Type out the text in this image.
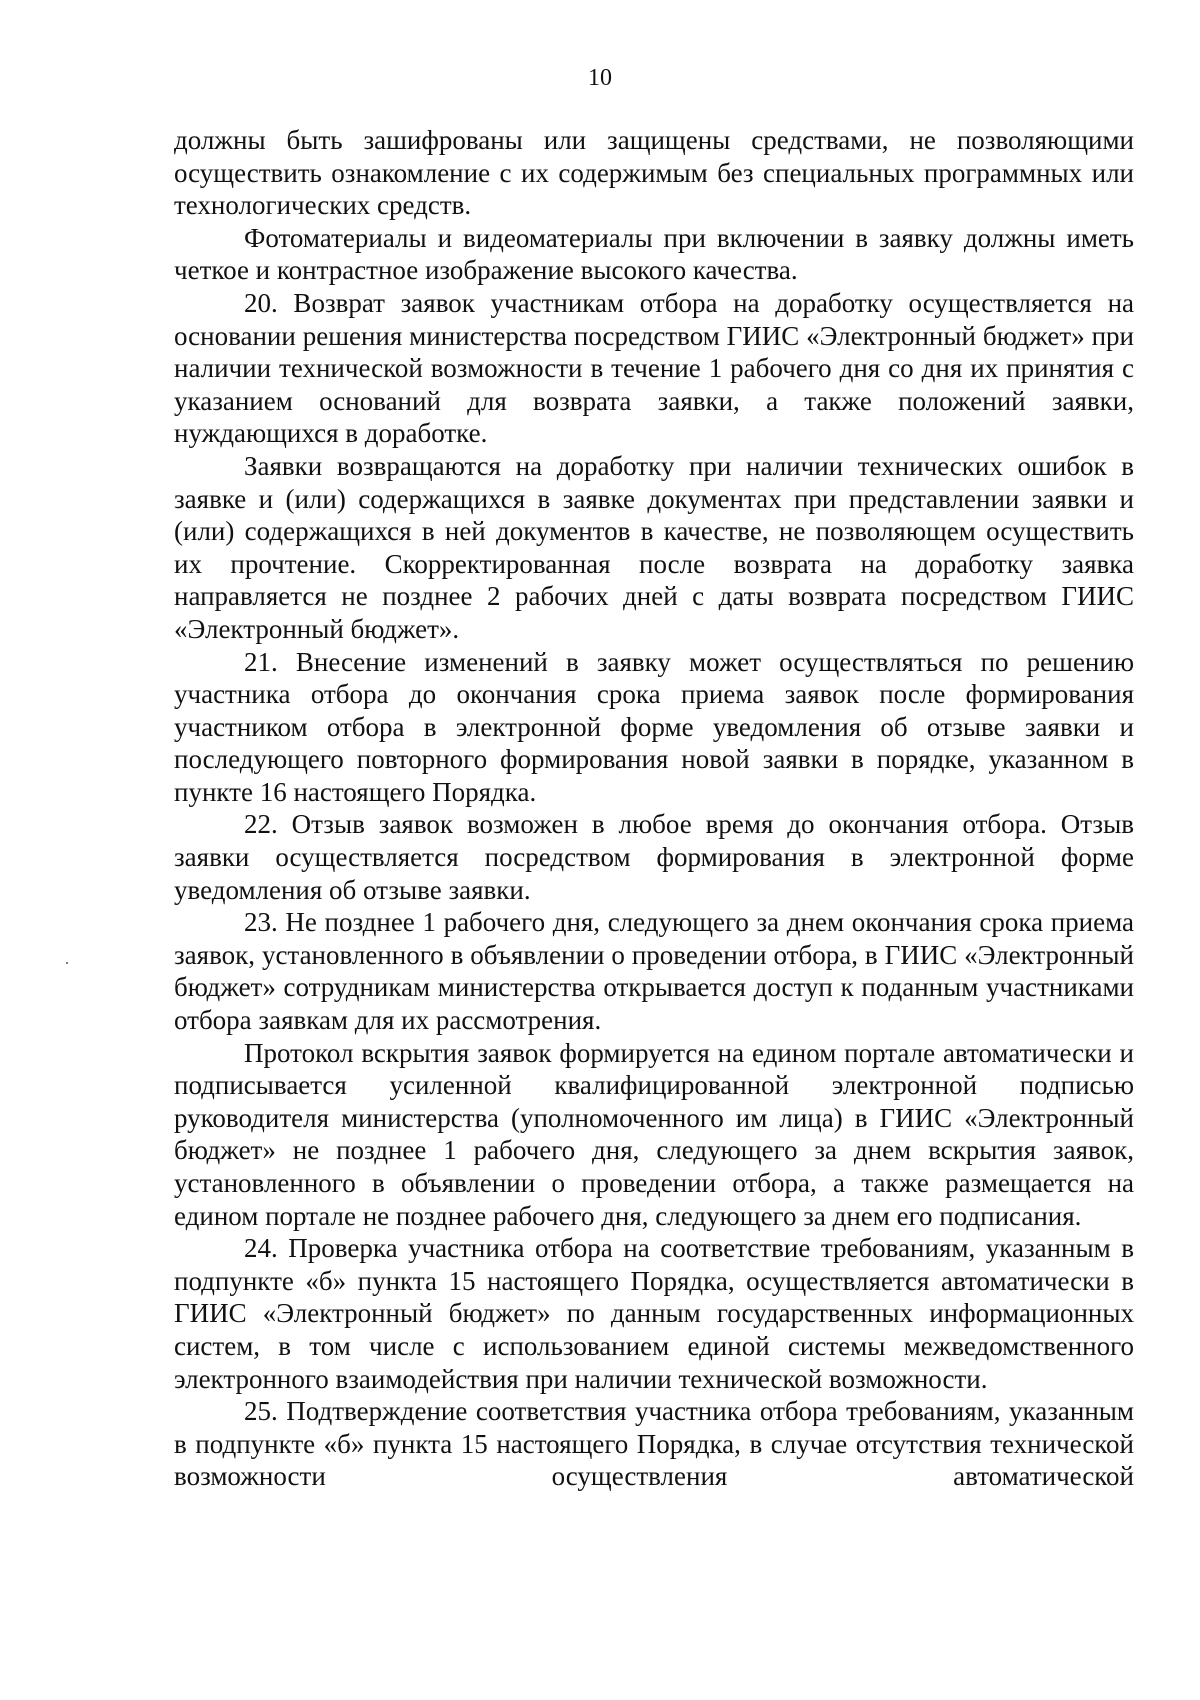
10

должны быть зашифрованы или защищены средствами, не позволяющими осуществить ознакомление с их содержимым без специальных программных или технологических средств.

Фотоматериалы и видеоматериалы при включении в заявку должны иметь четкое и контрастное изображение высокого качества.

20. Возврат заявок участникам отбора на доработку осуществляется на основании решения министерства посредством ГИИС «Электронный бюджет» при наличии технической возможности в течение 1 рабочего дня со дня их принятия с указанием оснований для возврата заявки, а также положений заявки, нуждающихся в доработке.

Заявки возвращаются на доработку при наличии технических ошибок в заявке и (или) содержащихся в заявке документах при представлении заявки и (или) содержащихся в ней документов в качестве, не позволяющем осуществить их прочтение. Скорректированная после возврата на доработку заявка направляется не позднее 2 рабочих дней с даты возврата посредством ГИИС «Электронный бюджет».

21. Внесение изменений в заявку может осуществляться по решению участника отбора до окончания срока приема заявок после формирования участником отбора в электронной форме уведомления об отзыве заявки и последующего повторного формирования новой заявки в порядке, указанном в пункте 16 настоящего Порядка.

22. Отзыв заявок возможен в любое время до окончания отбора. Отзыв заявки осуществляется посредством формирования в электронной форме уведомления об отзыве заявки.

23. Не позднее 1 рабочего дня, следующего за днем окончания срока приема заявок, установленного в объявлении о проведении отбора, в ГИИС «Электронный бюджет» сотрудникам министерства открывается доступ к поданным участниками отбора заявкам для их рассмотрения.

Протокол вскрытия заявок формируется на едином портале автоматически и подписывается усиленной квалифицированной электронной подписью руководителя министерства (уполномоченного им лица) в ГИИС «Электронный бюджет» не позднее 1 рабочего дня, следующего за днем вскрытия заявок, установленного в объявлении о проведении отбора, а также размещается на едином портале не позднее рабочего дня, следующего за днем его подписания.

24. Проверка участника отбора на соответствие требованиям, указанным в подпункте «б» пункта 15 настоящего Порядка, осуществляется автоматически в ГИИС «Электронный бюджет» по данным государственных информационных систем, в том числе с использованием единой системы межведомственного электронного взаимодействия при наличии технической возможности.

25. Подтверждение соответствия участника отбора требованиям, указанным в подпункте «б» пункта 15 настоящего Порядка, в случае отсутствия технической возможности осуществления автоматической
